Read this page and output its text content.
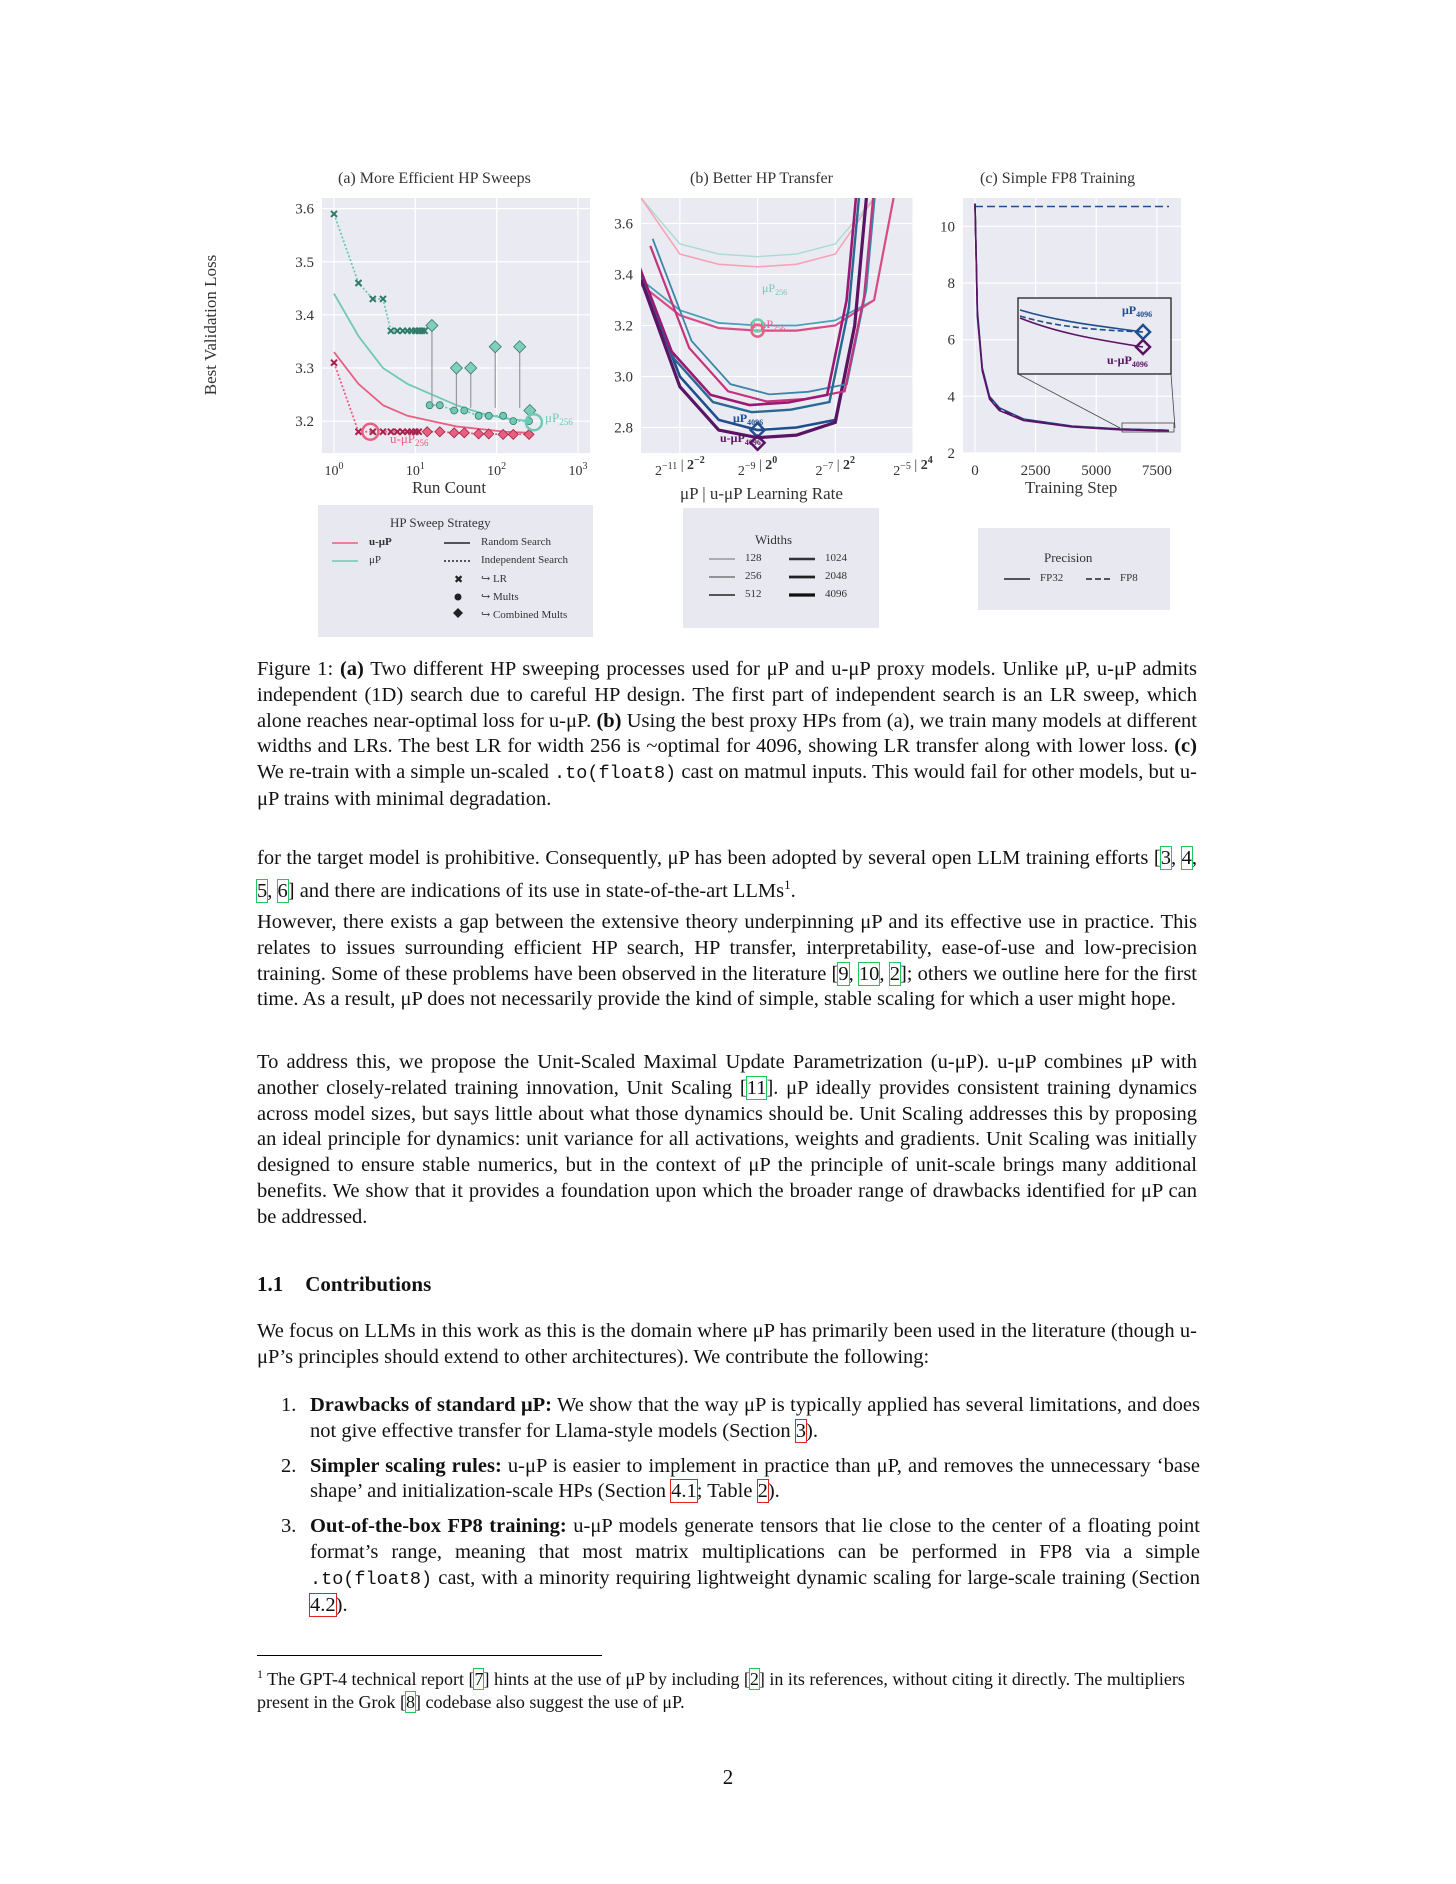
(a) More Efficient HP Sweeps	(b) Better HP Transfer	(c) Simple FP8 Training
$10^0$	$10^1$	$10^2$	$10^3$
3.2
3.3
3.4
3.5
3.6
$\mu P_{256}$
$u-\mu P_{256}$
$2^{-11}$ | $2^{-2}$
$2^{-9}$ | $2^0$
$2^{-7}$ | $2^2$
$2^{-5}$ | $2^4$
2.8
3.0
3.2
3.4
3.6
$\mu P_{256}$
$u-\mu P_{256}$
$\mu P_{4096}$
$u-\mu P_{4096}$
0	2500 5000 7500
2
4
6
8
10
$\mu P_{4096}$
$u-\mu P_{4096}$
Best Validation Loss
Run Count	μP | u-μP Learning Rate	Training Step
HP Sweep Strategy
✖
u-μP
μP
Random Search
Independent Search
↪ LR
↪ Mults
↪ Combined Mults
Widths
128
256
512
1024
2048
4096
Precision
FP32	FP8
Figure 1: (a) Two different HP sweeping processes used for μP and u-μP proxy models. Unlike μP, u-μP admits independent (1D) search due to careful HP design. The first part of independent search is an LR sweep, which alone reaches near-optimal loss for u-μP. (b) Using the best proxy HPs from (a), we train many models at different widths and LRs. The best LR for width 256 is ~optimal for 4096, showing LR transfer along with lower loss. (c) We re-train with a simple un-scaled .to(float8) cast on matmul inputs. This would fail for other models, but u-μP trains with minimal degradation.
for the target model is prohibitive. Consequently, μP has been adopted by several open LLM training efforts [3, 4, 5, 6] and there are indications of its use in state-of-the-art LLMs$^1$.
However, there exists a gap between the extensive theory underpinning μP and its effective use in practice. This relates to issues surrounding efficient HP search, HP transfer, interpretability, ease-of-use and low-precision training. Some of these problems have been observed in the literature [9, 10, 2]; others we outline here for the first time. As a result, μP does not necessarily provide the kind of simple, stable scaling for which a user might hope.
To address this, we propose the Unit-Scaled Maximal Update Parametrization (u-μP). u-μP combines μP with another closely-related training innovation, Unit Scaling [11]. μP ideally provides consistent training dynamics across model sizes, but says little about what those dynamics should be. Unit Scaling addresses this by proposing an ideal principle for dynamics: unit variance for all activations, weights and gradients. Unit Scaling was initially designed to ensure stable numerics, but in the context of μP the principle of unit-scale brings many additional benefits. We show that it provides a foundation upon which the broader range of drawbacks identified for μP can be addressed.
1.1 Contributions
We focus on LLMs in this work as this is the domain where μP has primarily been used in the literature (though u-μP’s principles should extend to other architectures). We contribute the following:
1. Drawbacks of standard μP: We show that the way μP is typically applied has several limitations, and does not give effective transfer for Llama-style models (Section 3).
2. Simpler scaling rules: u-μP is easier to implement in practice than μP, and removes the unnecessary ‘base shape’ and initialization-scale HPs (Section 4.1; Table 2).
3. Out-of-the-box FP8 training: u-μP models generate tensors that lie close to the center of a floating point format’s range, meaning that most matrix multiplications can be performed in FP8 via a simple .to(float8) cast, with a minority requiring lightweight dynamic scaling for large-scale training (Section 4.2).
$^1$ The GPT-4 technical report [7] hints at the use of μP by including [2] in its references, without citing it directly. The multipliers present in the Grok [8] codebase also suggest the use of μP.
2
